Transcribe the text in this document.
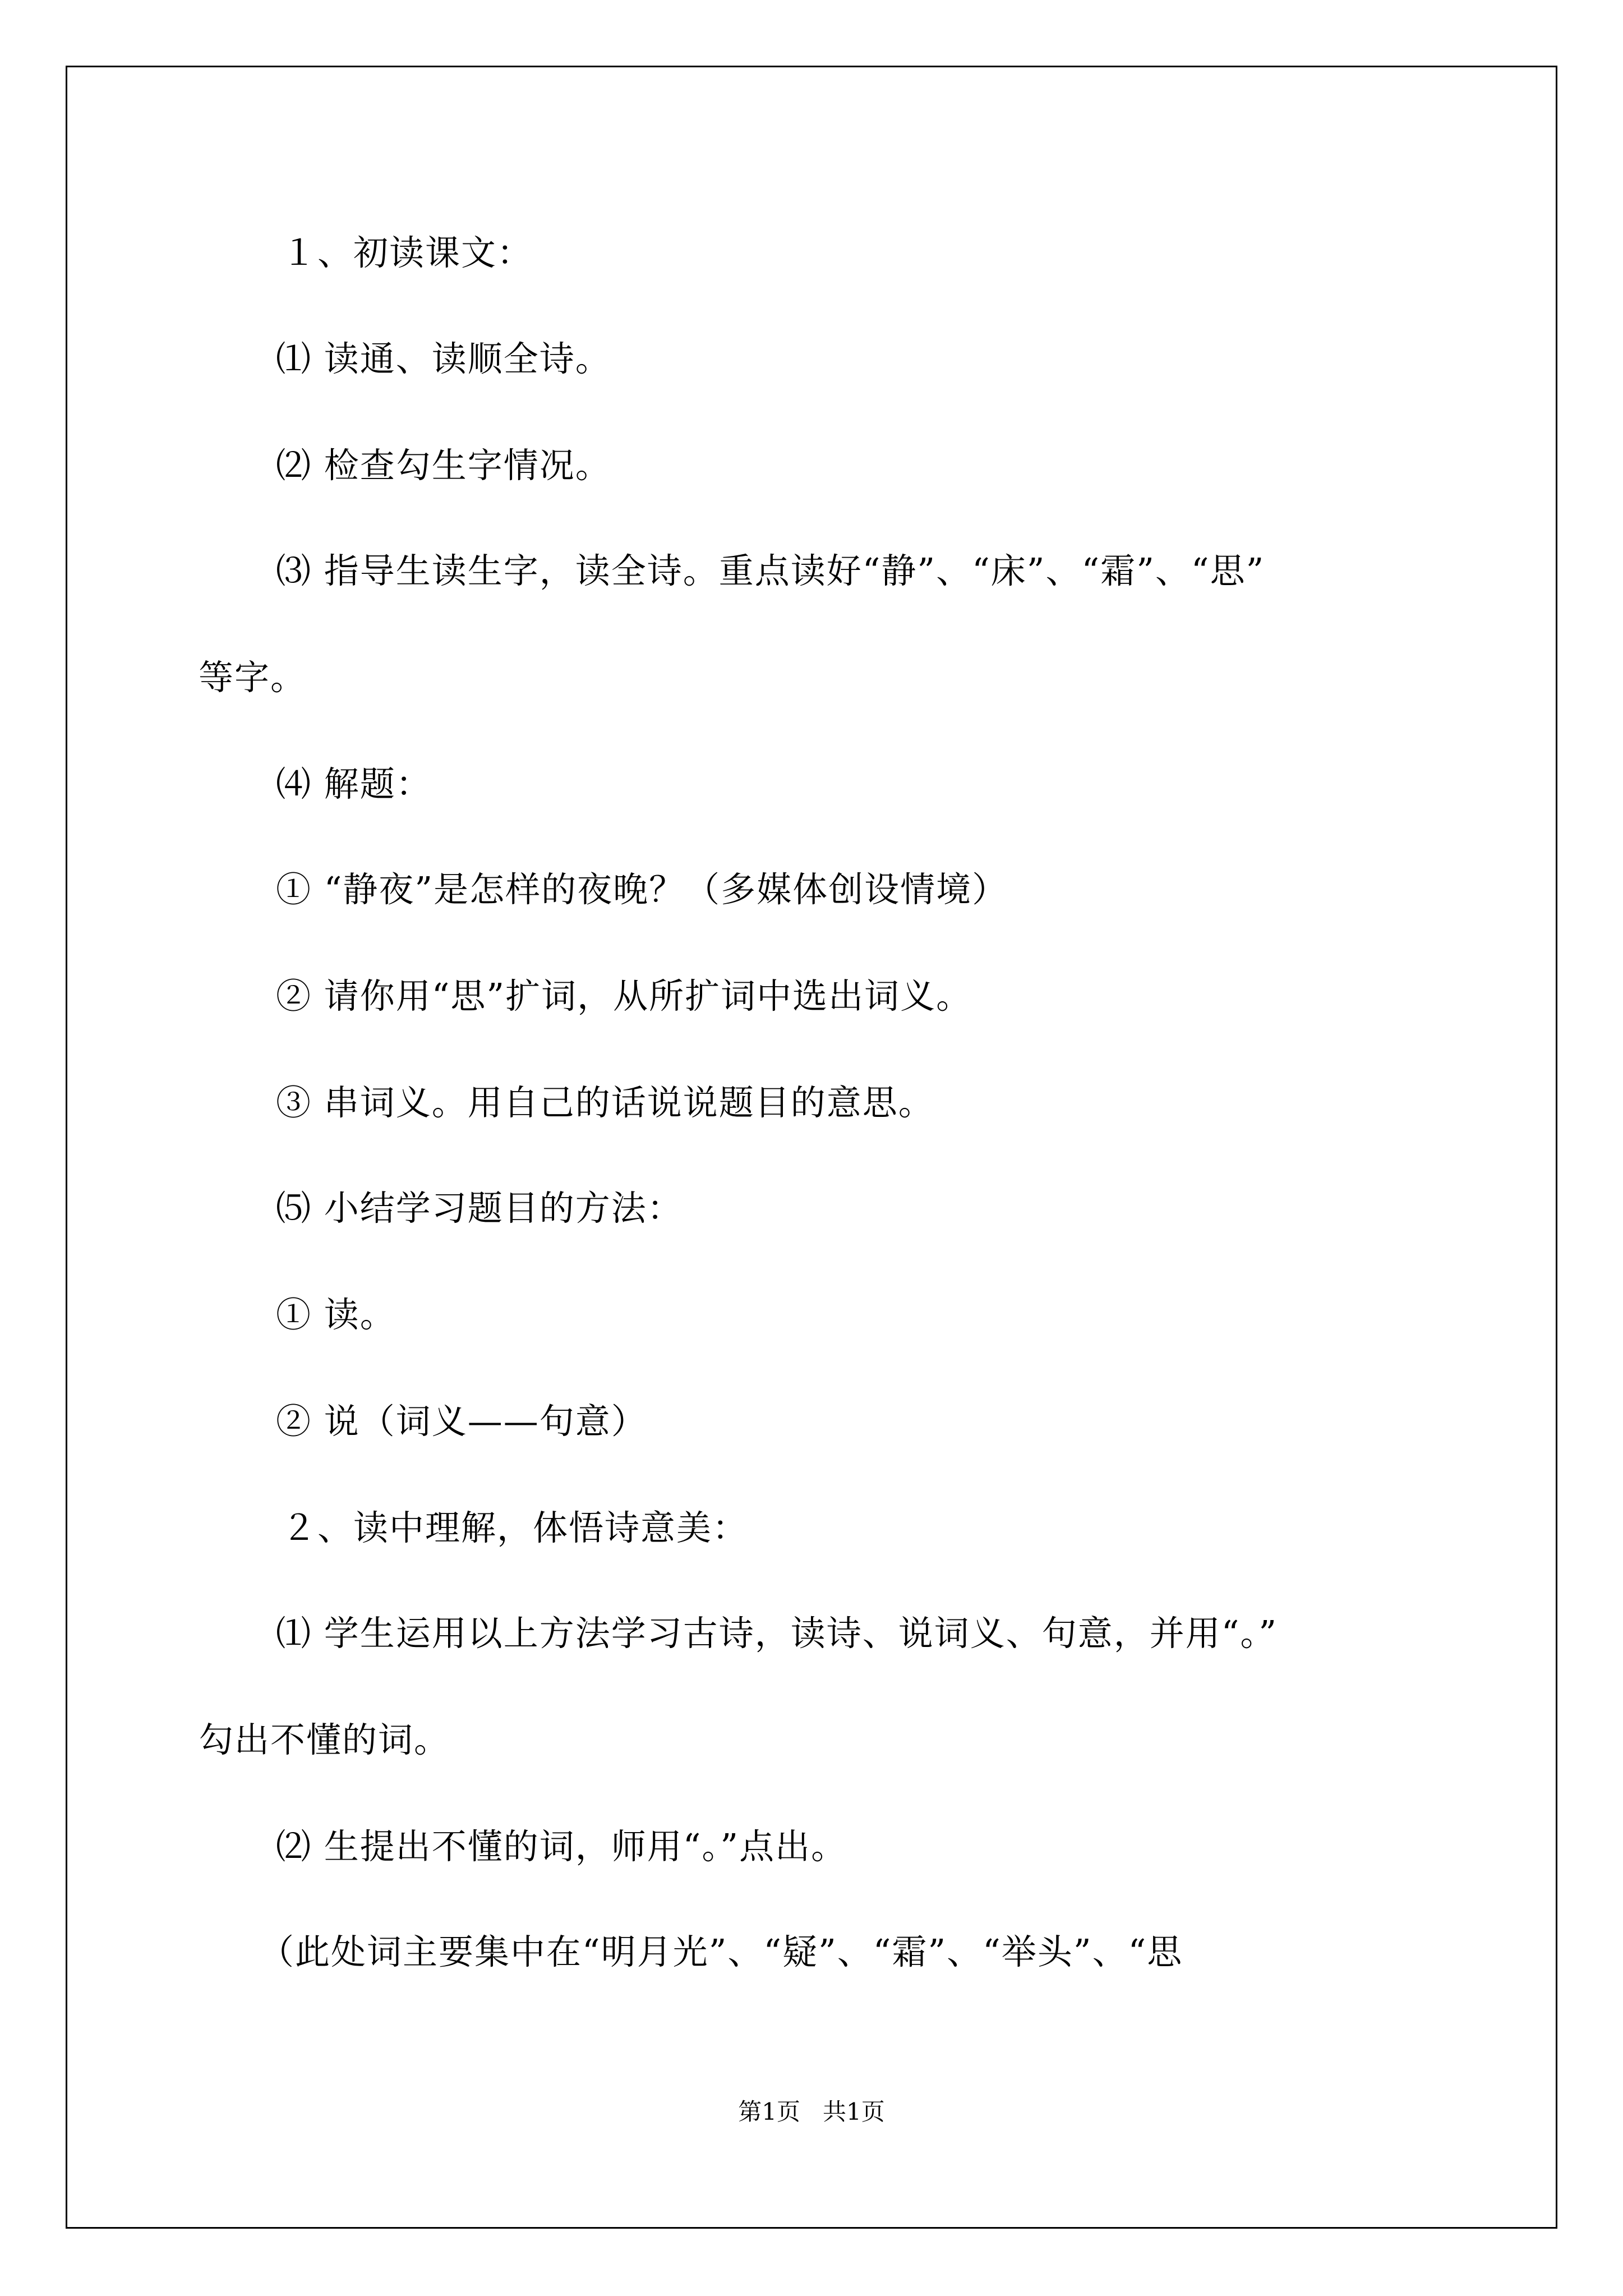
１、初读课文：
⑴ 读通、读顺全诗。
⑵ 检查勾生字情况。
⑶ 指导生读生字，读全诗。重点读好“静”、“床”、“霜”、“思”
等字。
⑷ 解题：
① “静夜”是怎样的夜晚？（多媒体创设情境）
② 请你用“思”扩词，从所扩词中选出词义。
③ 串词义。用自己的话说说题目的意思。
⑸ 小结学习题目的方法：
① 读。
② 说（词义——句意）
２、读中理解，体悟诗意美：
⑴ 学生运用以上方法学习古诗，读诗、说词义、句意，并用“。”
勾出不懂的词。
⑵ 生提出不懂的词，师用“。”点出。
（此处词主要集中在“明月光”、“疑”、“霜”、“举头”、“思
第1页   共1页
